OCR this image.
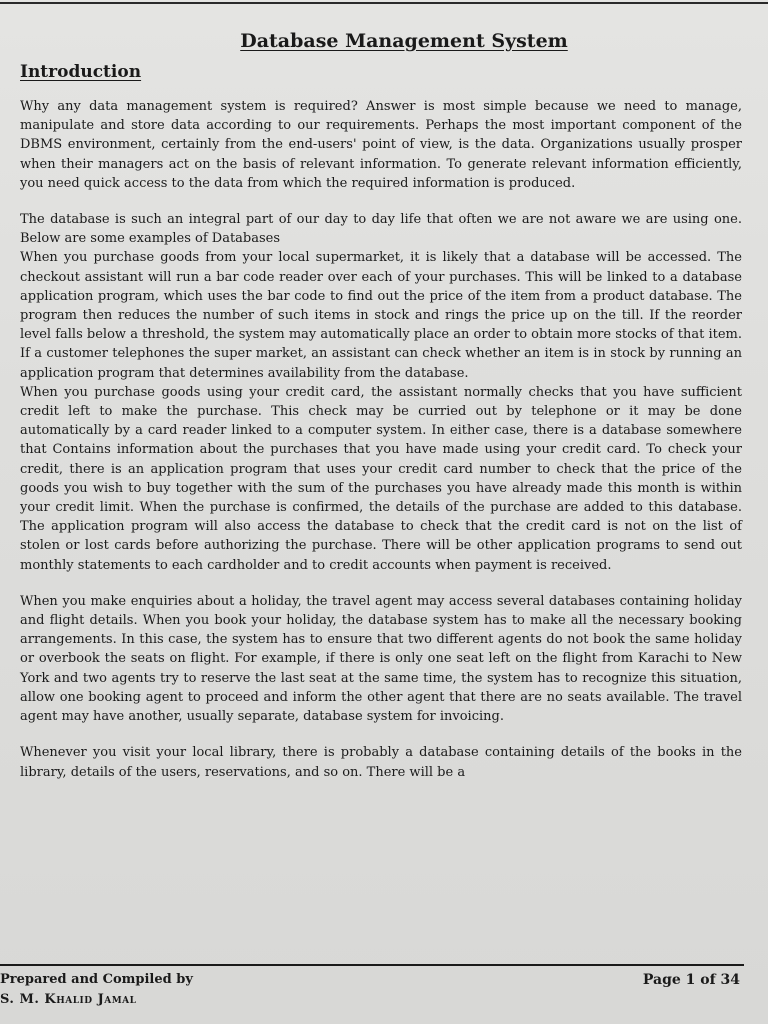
Database Management System
Introduction

Why any data management system is required? Answer is most simple because we need to manage, manipulate and store data according to our requirements. Perhaps the most important component of the DBMS environment, certainly from the end-users' point of view, is the data. Organizations usually prosper when their managers act on the basis of relevant information. To generate relevant information efficiently, you need quick access to the data from which the required information is produced.

The database is such an integral part of our day to day life that often we are not aware we are using one. Below are some examples of Databases

When you purchase goods from your local supermarket, it is likely that a database will be accessed. The checkout assistant will run a bar code reader over each of your purchases. This will be linked to a database application program, which uses the bar code to find out the price of the item from a product database. The program then reduces the number of such items in stock and rings the price up on the till. If the reorder level falls below a threshold, the system may automatically place an order to obtain more stocks of that item. If a customer telephones the super market, an assistant can check whether an item is in stock by running an application program that determines availability from the database.

When you purchase goods using your credit card, the assistant normally checks that you have sufficient credit left to make the purchase. This check may be curried out by telephone or it may be done automatically by a card reader linked to a computer system. In either case, there is a database somewhere that Contains information about the purchases that you have made using your credit card. To check your credit, there is an application program that uses your credit card number to check that the price of the goods you wish to buy together with the sum of the purchases you have already made this month is within your credit limit. When the purchase is confirmed, the details of the purchase are added to this database. The application program will also access the database to check that the credit card is not on the list of stolen or lost cards before authorizing the purchase. There will be other application programs to send out monthly statements to each cardholder and to credit accounts when payment is received.

When you make enquiries about a holiday, the travel agent may access several databases containing holiday and flight details. When you book your holiday, the database system has to make all the necessary booking arrangements. In this case, the system has to ensure that two different agents do not book the same holiday or overbook the seats on flight. For example, if there is only one seat left on the flight from Karachi to New York and two agents try to reserve the last seat at the same time, the system has to recognize this situation, allow one booking agent to proceed and inform the other agent that there are no seats available. The travel agent may have another, usually separate, database system for invoicing.

Whenever you visit your local library, there is probably a database containing details of the books in the library, details of the users, reservations, and so on. There will be a

Prepared and Compiled by
S. M. Khalid Jamal
Page 1 of 34
